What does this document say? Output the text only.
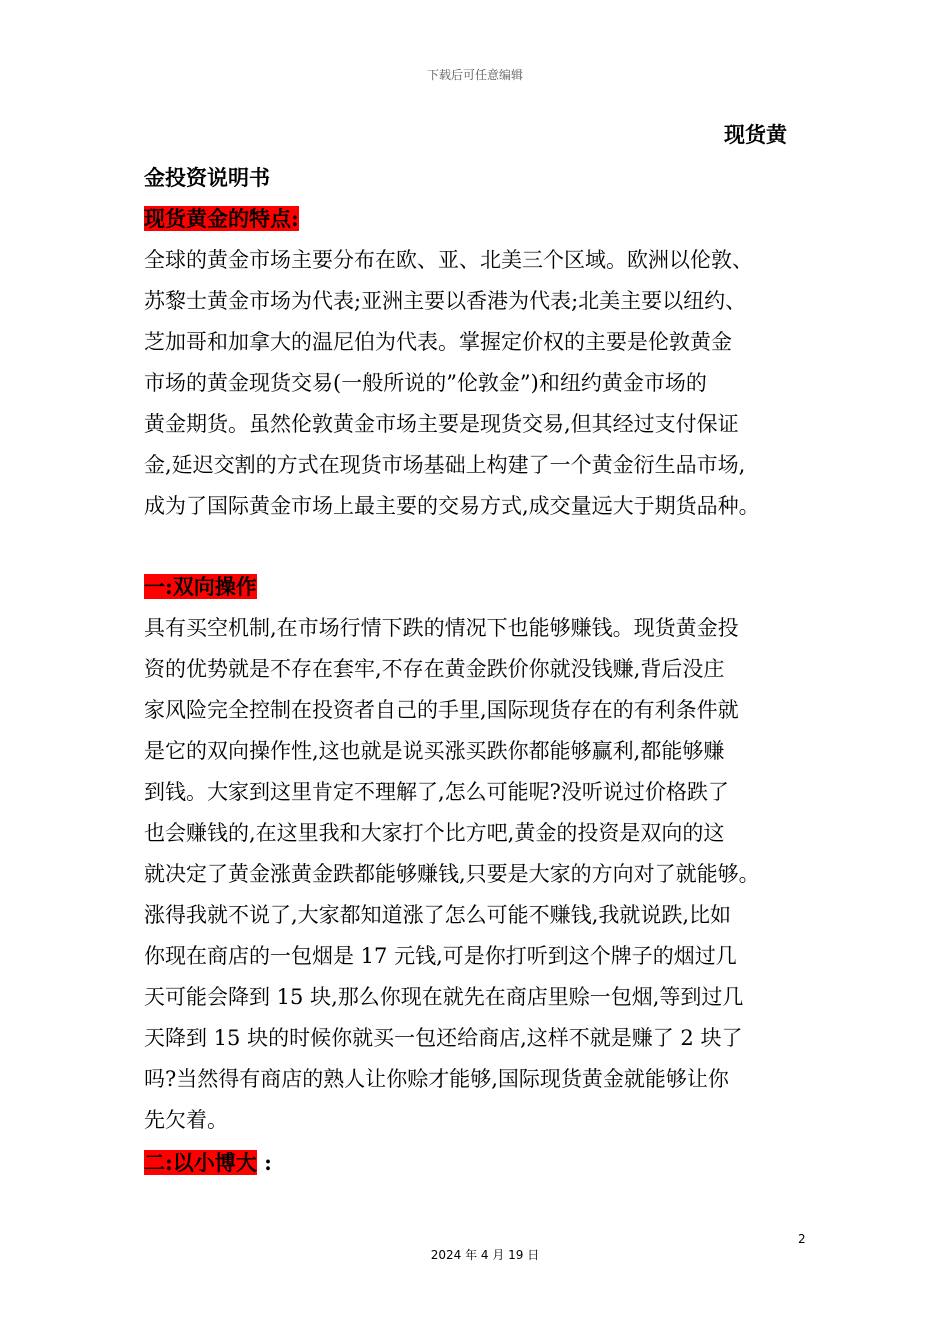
下载后可任意编辑
现货黄
金投资说明书
现货黄金的特点:
全球的黄金市场主要分布在欧、亚、北美三个区域。欧洲以伦敦、
苏黎士黄金市场为代表;亚洲主要以香港为代表;北美主要以纽约、
芝加哥和加拿大的温尼伯为代表。掌握定价权的主要是伦敦黄金
市场的黄金现货交易(一般所说的”伦敦金”)和纽约黄金市场的
黄金期货。虽然伦敦黄金市场主要是现货交易,但其经过支付保证
金,延迟交割的方式在现货市场基础上构建了一个黄金衍生品市场,
成为了国际黄金市场上最主要的交易方式,成交量远大于期货品种。
一:双向操作
具有买空机制,在市场行情下跌的情况下也能够赚钱。现货黄金投
资的优势就是不存在套牢,不存在黄金跌价你就没钱赚,背后没庄
家风险完全控制在投资者自己的手里,国际现货存在的有利条件就
是它的双向操作性,这也就是说买涨买跌你都能够赢利,都能够赚
到钱。大家到这里肯定不理解了,怎么可能呢?没听说过价格跌了
也会赚钱的,在这里我和大家打个比方吧,黄金的投资是双向的这
就决定了黄金涨黄金跌都能够赚钱,只要是大家的方向对了就能够。
涨得我就不说了,大家都知道涨了怎么可能不赚钱,我就说跌,比如
你现在商店的一包烟是 17 元钱,可是你打听到这个牌子的烟过几
天可能会降到 15 块,那么你现在就先在商店里赊一包烟,等到过几
天降到 15 块的时候你就买一包还给商店,这样不就是赚了 2 块了
吗?当然得有商店的熟人让你赊才能够,国际现货黄金就能够让你
先欠着。
二:以小博大 :
2
2024 年 4 月 19 日
